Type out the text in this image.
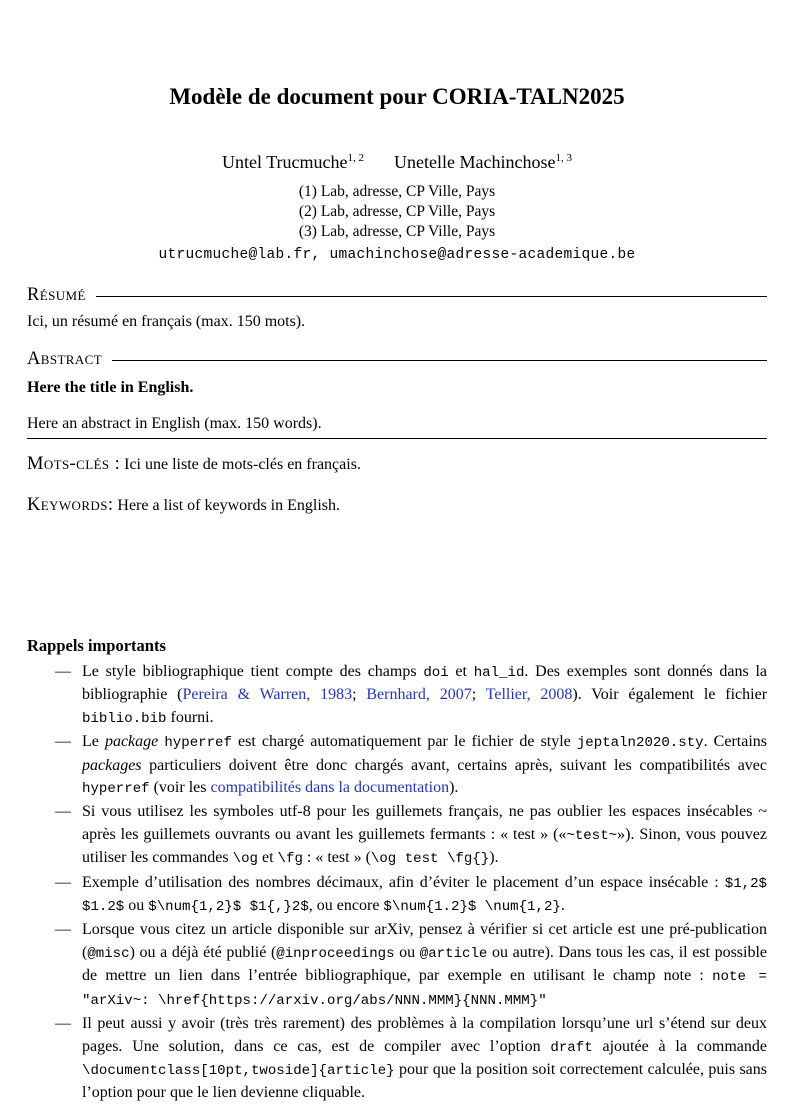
Modèle de document pour CORIA-TALN2025
Untel Trucmuche$^{1, 2}$ Unetelle Machinchose$^{1, 3}$
(1) Lab, adresse, CP Ville, Pays
(2) Lab, adresse, CP Ville, Pays
(3) Lab, adresse, CP Ville, Pays
utrucmuche@lab.fr, umachinchose@adresse-academique.be
Résumé

Ici, un résumé en français (max. 150 mots).

Abstract

Here the title in English.

Here an abstract in English (max. 150 words).

Mots-clés : Ici une liste de mots-clés en français.

Keywords: Here a list of keywords in English.

Rappels importants
— Le style bibliographique tient compte des champs doi et hal_id. Des exemples sont donnés dans la bibliographie (Pereira & Warren, 1983; Bernhard, 2007; Tellier, 2008). Voir également le fichier biblio.bib fourni.
— Le package hyperref est chargé automatiquement par le fichier de style jeptaln2020.sty. Certains packages particuliers doivent être donc chargés avant, certains après, suivant les compatibilités avec hyperref (voir les compatibilités dans la documentation).
— Si vous utilisez les symboles utf-8 pour les guillemets français, ne pas oublier les espaces insécables ~ après les guillemets ouvrants ou avant les guillemets fermants : « test » («~test~»). Sinon, vous pouvez utiliser les commandes \og et \fg : « test » (\og test \fg{}).
— Exemple d’utilisation des nombres décimaux, afin d’éviter le placement d’un espace insécable : $1,2$ $1.2$ ou $\num{1,2}$ $1{,}2$, ou encore $\num{1.2}$ \num{1,2}.
— Lorsque vous citez un article disponible sur arXiv, pensez à vérifier si cet article est une pré-publication (@misc) ou a déjà été publié (@inproceedings ou @article ou autre). Dans tous les cas, il est possible de mettre un lien dans l’entrée bibliographique, par exemple en utilisant le champ note : note = "arXiv~: \href{https://arxiv.org/abs/NNN.MMM}{NNN.MMM}"
— Il peut aussi y avoir (très très rarement) des problèmes à la compilation lorsqu’une url s’étend sur deux pages. Une solution, dans ce cas, est de compiler avec l’option draft ajoutée à la commande \documentclass[10pt,twoside]{article} pour que la position soit correctement calculée, puis sans l’option pour que le lien devienne cliquable.
